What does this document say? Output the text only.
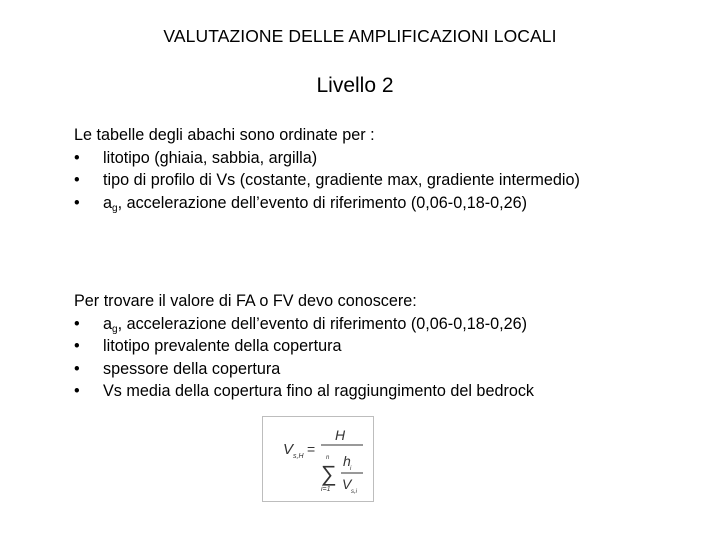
VALUTAZIONE DELLE AMPLIFICAZIONI LOCALI
Livello 2

Le tabelle degli abachi sono ordinate per :

• litotipo (ghiaia, sabbia, argilla)
• tipo di profilo di Vs (costante, gradiente max, gradiente intermedio)
• $a_g$, accelerazione dell’evento di riferimento (0,06-0,18-0,26)

Per trovare il valore di FA o FV devo conoscere:

• $a_g$, accelerazione dell’evento di riferimento (0,06-0,18-0,26)
• litotipo prevalente della copertura
• spessore della copertura
• Vs media della copertura fino al raggiungimento del bedrock
V s,H =
H
n
∑
i=1
h i
V s,i
